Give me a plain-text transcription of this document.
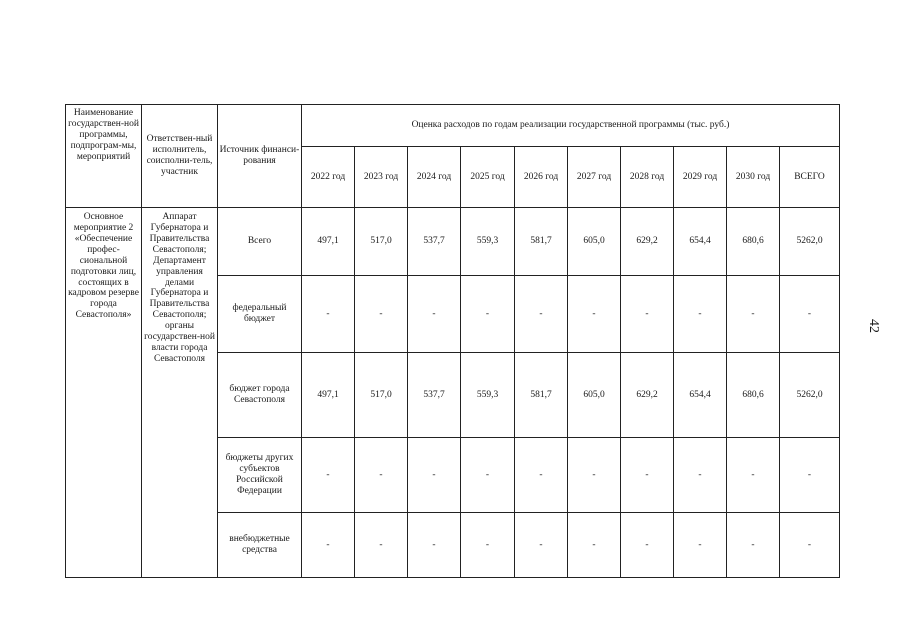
Наименование государствен-ной программы, подпрограм-мы, мероприятий	Ответствен-ный исполнитель, соисполни-тель, участник	Источник финанси-рования	Оценка расходов по годам реализации государственной программы (тыс. руб.)									
			2022 год	2023 год	2024 год	2025 год	2026 год	2027 год	2028 год	2029 год	2030 год	ВСЕГО
Основное мероприятие 2 «Обеспечение профес-сиональной подготовки лиц, состоящих в кадровом резерве города Севастополя»	Аппарат Губернатора и Правительства Севастополя; Департамент управления делами Губернатора и Правительства Севастополя; органы государствен-ной власти города Севастополя	Всего	497,1	517,0	537,7	559,3	581,7	605,0	629,2	654,4	680,6	5262,0
		федеральный бюджет	-	-	-	-	-	-	-	-	-	-
		бюджет города Севастополя	497,1	517,0	537,7	559,3	581,7	605,0	629,2	654,4	680,6	5262,0
		бюджеты других субъектов Российской Федерации	-	-	-	-	-	-	-	-	-	-
		внебюджетные средства	-	-	-	-	-	-	-	-	-	-
42
